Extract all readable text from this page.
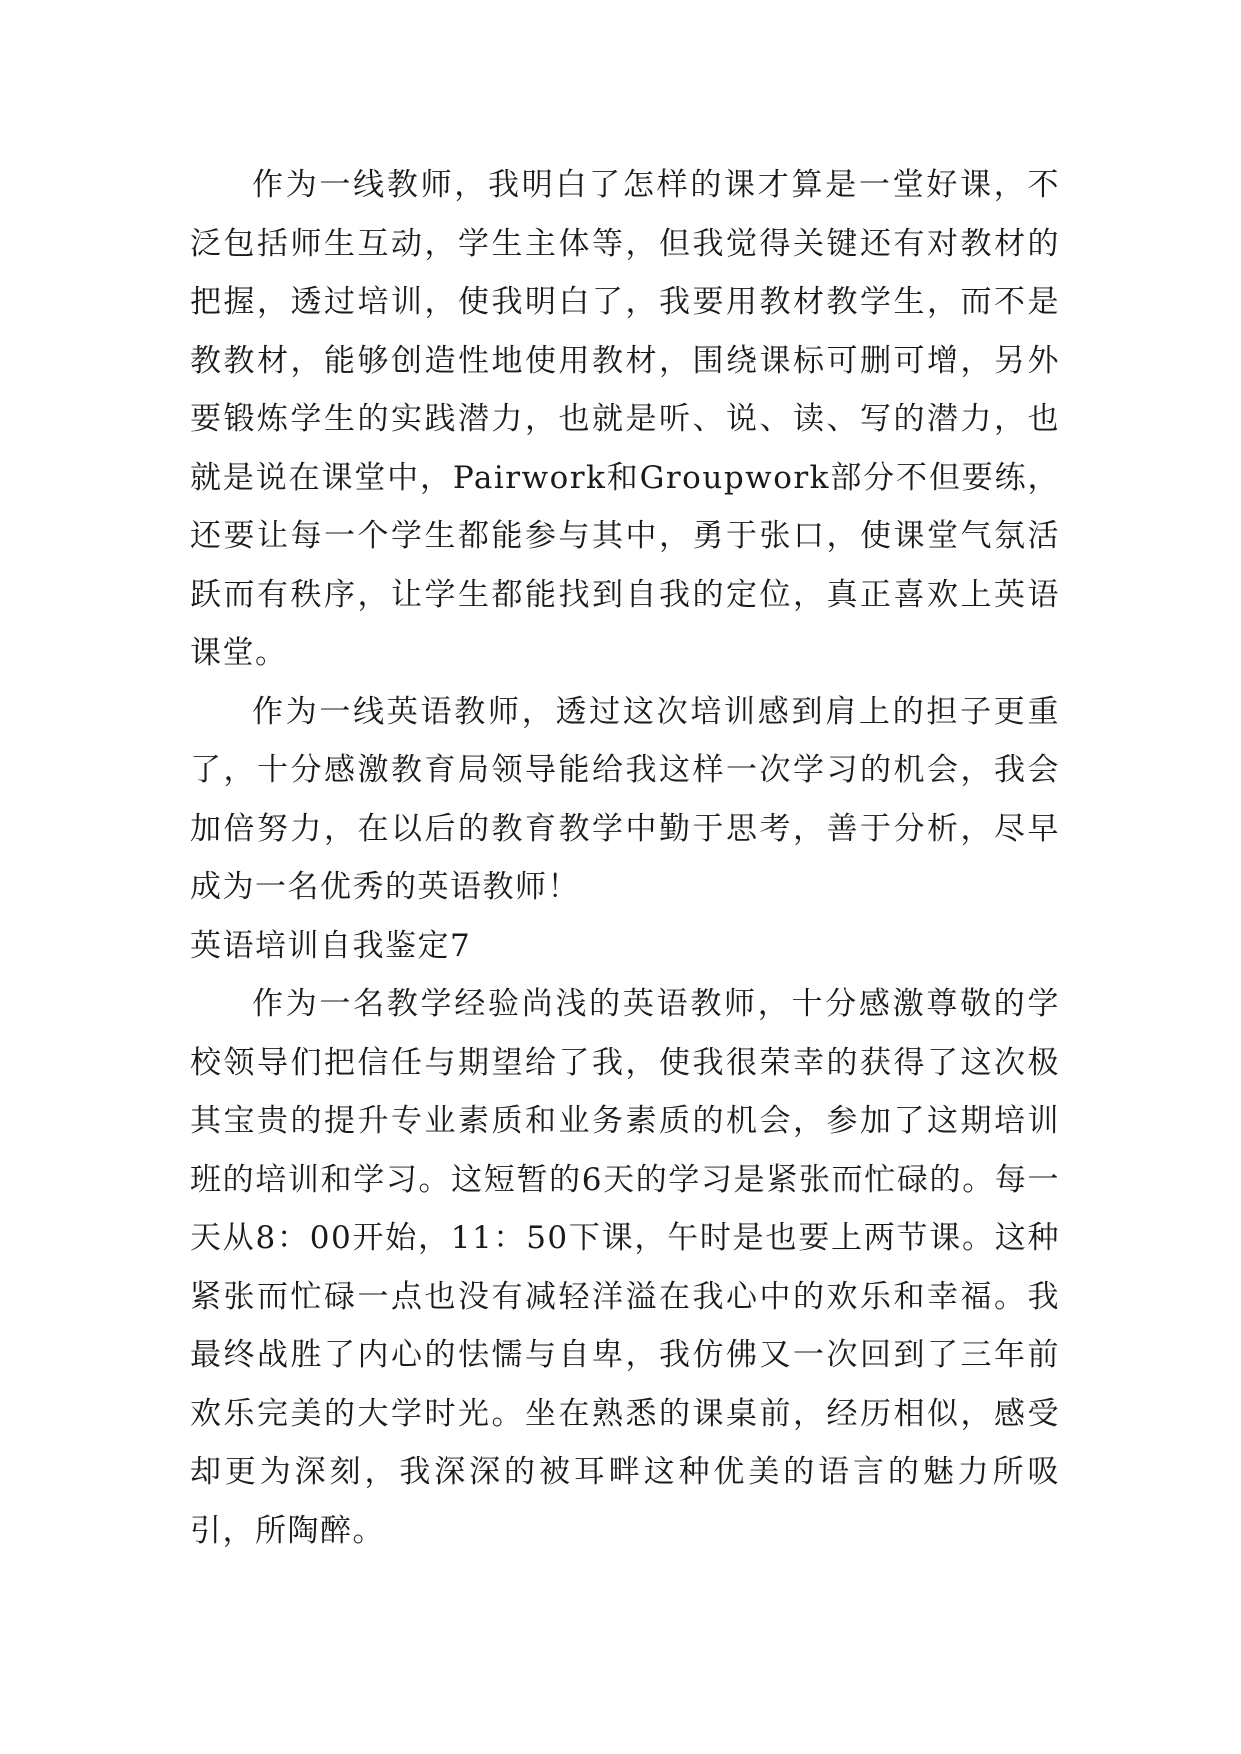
作为一线教师，我明白了怎样的课才算是一堂好课，不泛包括师生互动，学生主体等，但我觉得关键还有对教材的把握，透过培训，使我明白了，我要用教材教学生，而不是教教材，能够创造性地使用教材，围绕课标可删可增，另外要锻炼学生的实践潜力，也就是听、说、读、写的潜力，也就是说在课堂中，Pairwork和Groupwork部分不但要练，还要让每一个学生都能参与其中，勇于张口，使课堂气氛活跃而有秩序，让学生都能找到自我的定位，真正喜欢上英语课堂。

作为一线英语教师，透过这次培训感到肩上的担子更重了，十分感激教育局领导能给我这样一次学习的机会，我会加倍努力，在以后的教育教学中勤于思考，善于分析，尽早成为一名优秀的英语教师！

英语培训自我鉴定7

作为一名教学经验尚浅的英语教师，十分感激尊敬的学校领导们把信任与期望给了我，使我很荣幸的获得了这次极其宝贵的提升专业素质和业务素质的机会，参加了这期培训班的培训和学习。这短暂的6天的学习是紧张而忙碌的。每一天从8：00开始，11：50下课，午时是也要上两节课。这种紧张而忙碌一点也没有减轻洋溢在我心中的欢乐和幸福。我最终战胜了内心的怯懦与自卑，我仿佛又一次回到了三年前欢乐完美的大学时光。坐在熟悉的课桌前，经历相似，感受却更为深刻，我深深的被耳畔这种优美的语言的魅力所吸引，所陶醉。
